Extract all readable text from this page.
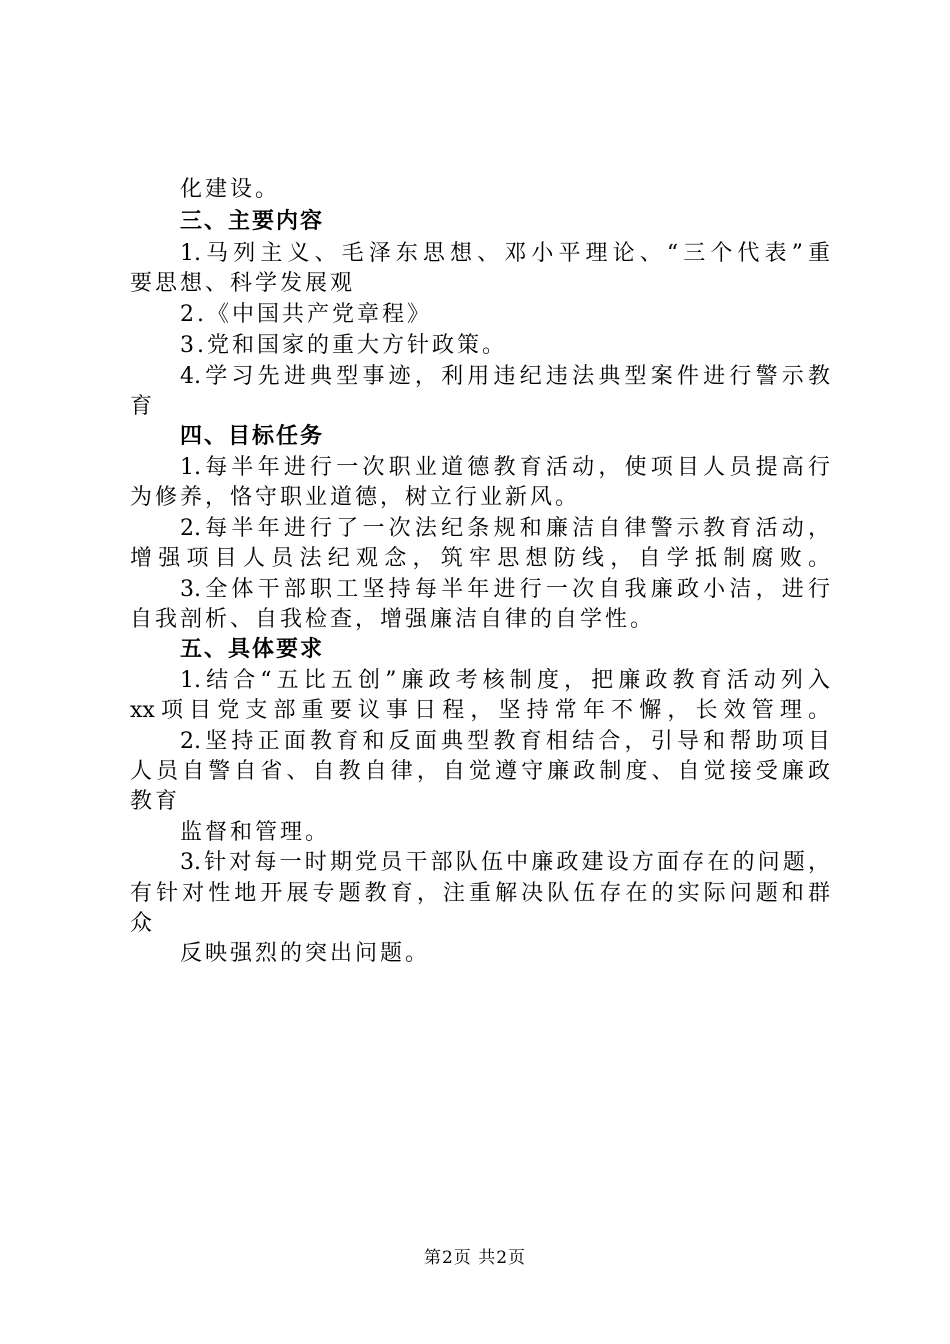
化建设。
三、主要内容
1.马列主义、毛泽东思想、邓小平理论、“三个代表”重
要思想、科学发展观
2.《中国共产党章程》
3.党和国家的重大方针政策。
4.学习先进典型事迹，利用违纪违法典型案件进行警示教
育
四、目标任务
1.每半年进行一次职业道德教育活动，使项目人员提高行
为修养，恪守职业道德，树立行业新风。
2.每半年进行了一次法纪条规和廉洁自律警示教育活动，
增强项目人员法纪观念，筑牢思想防线，自学抵制腐败。
3.全体干部职工坚持每半年进行一次自我廉政小洁，进行
自我剖析、自我检查，增强廉洁自律的自学性。
五、具体要求
1.结合“五比五创”廉政考核制度，把廉政教育活动列入
xx项目党支部重要议事日程，坚持常年不懈，长效管理。
2.坚持正面教育和反面典型教育相结合，引导和帮助项目
人员自警自省、自教自律，自觉遵守廉政制度、自觉接受廉政
教育
监督和管理。
3.针对每一时期党员干部队伍中廉政建设方面存在的问题，
有针对性地开展专题教育，注重解决队伍存在的实际问题和群
众
反映强烈的突出问题。
第2页 共2页
